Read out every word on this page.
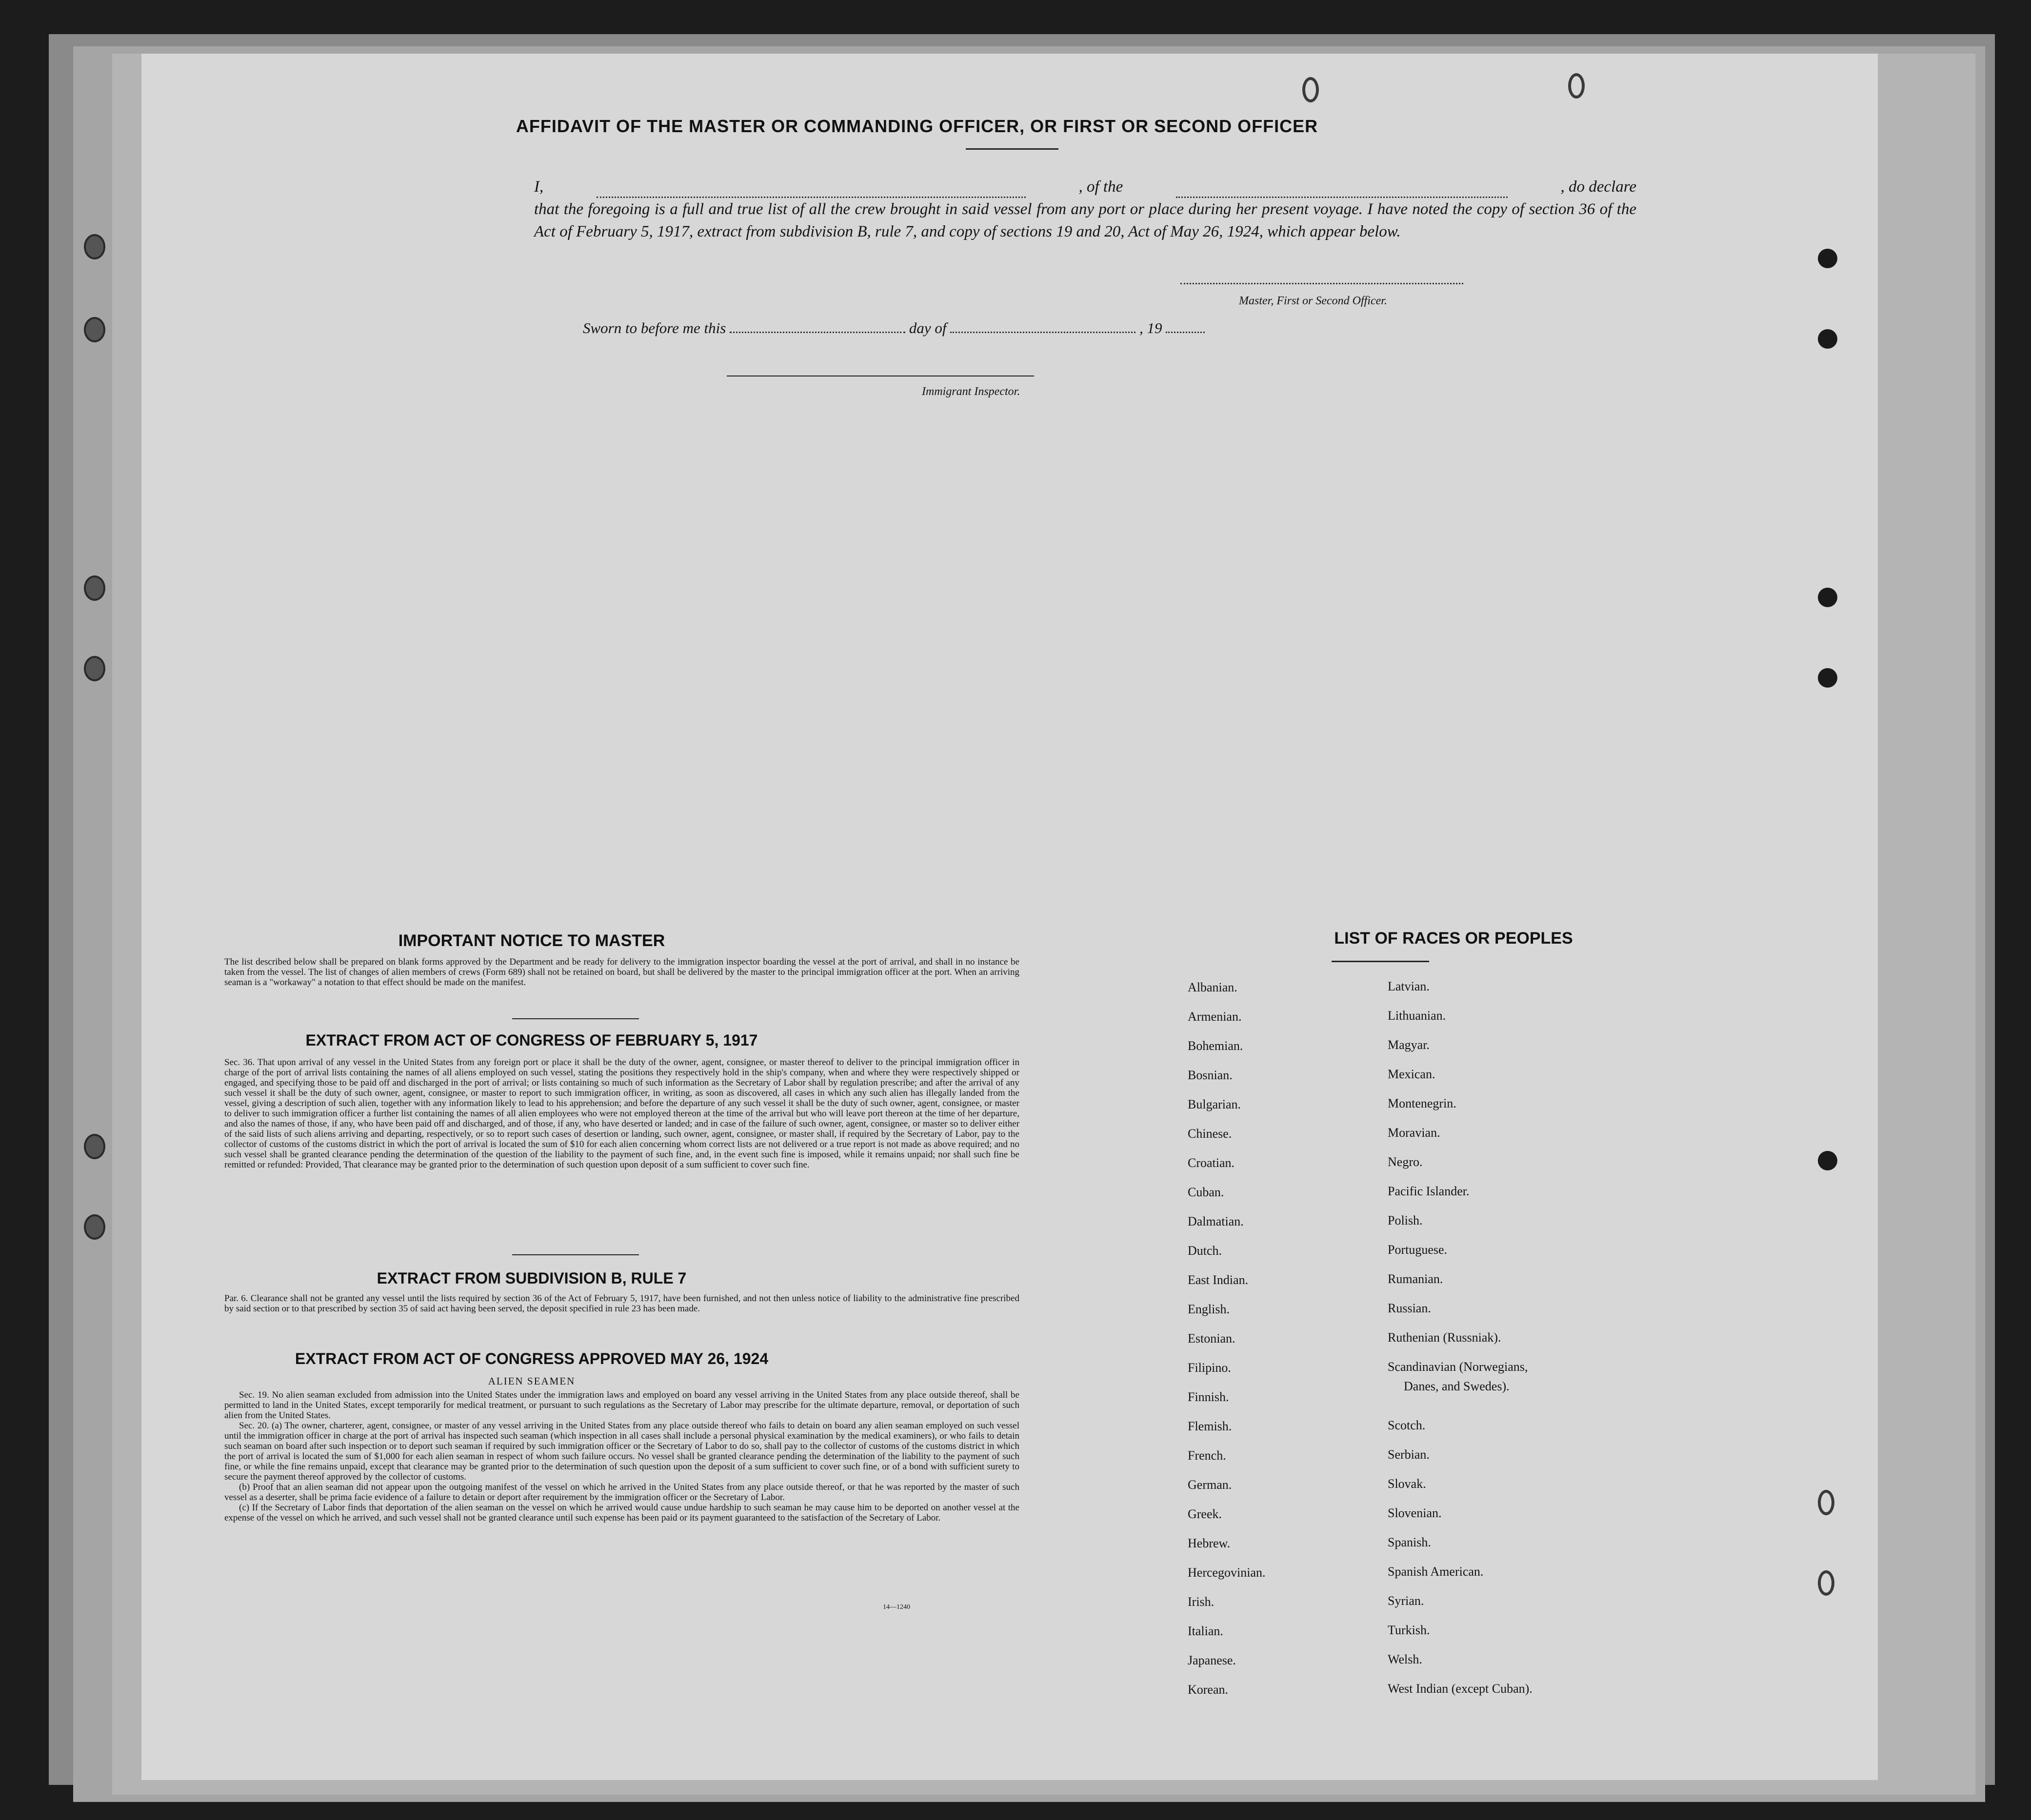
AFFIDAVIT OF THE MASTER OR COMMANDING OFFICER, OR FIRST OR SECOND OFFICER

I,	, of the	, do declare

that the foregoing is a full and true list of all the crew brought in said vessel from any port or place during her present voyage. I have noted the copy of section 36 of the Act of February 5, 1917, extract from subdivision B, rule 7, and copy of sections 19 and 20, Act of May 26, 1924, which appear below.

Master, First or Second Officer.
Sworn to before me this	day of	, 19
Immigrant Inspector.
IMPORTANT NOTICE TO MASTER
The list described below shall be prepared on blank forms approved by the Department and be ready for delivery to the immigration inspector boarding the vessel at the port of arrival, and shall in no instance be taken from the vessel. The list of changes of alien members of crews (Form 689) shall not be retained on board, but shall be delivered by the master to the principal immigration officer at the port. When an arriving seaman is a "workaway" a notation to that effect should be made on the manifest.
EXTRACT FROM ACT OF CONGRESS OF FEBRUARY 5, 1917
Sec. 36. That upon arrival of any vessel in the United States from any foreign port or place it shall be the duty of the owner, agent, consignee, or master thereof to deliver to the principal immigration officer in charge of the port of arrival lists containing the names of all aliens employed on such vessel, stating the positions they respectively hold in the ship's company, when and where they were respectively shipped or engaged, and specifying those to be paid off and discharged in the port of arrival; or lists containing so much of such information as the Secretary of Labor shall by regulation prescribe; and after the arrival of any such vessel it shall be the duty of such owner, agent, consignee, or master to report to such immigration officer, in writing, as soon as discovered, all cases in which any such alien has illegally landed from the vessel, giving a description of such alien, together with any information likely to lead to his apprehension; and before the departure of any such vessel it shall be the duty of such owner, agent, consignee, or master to deliver to such immigration officer a further list containing the names of all alien employees who were not employed thereon at the time of the arrival but who will leave port thereon at the time of her departure, and also the names of those, if any, who have been paid off and discharged, and of those, if any, who have deserted or landed; and in case of the failure of such owner, agent, consignee, or master so to deliver either of the said lists of such aliens arriving and departing, respectively, or so to report such cases of desertion or landing, such owner, agent, consignee, or master shall, if required by the Secretary of Labor, pay to the collector of customs of the customs district in which the port of arrival is located the sum of $10 for each alien concerning whom correct lists are not delivered or a true report is not made as above required; and no such vessel shall be granted clearance pending the determination of the question of the liability to the payment of such fine, and, in the event such fine is imposed, while it remains unpaid; nor shall such fine be remitted or refunded: Provided, That clearance may be granted prior to the determination of such question upon deposit of a sum sufficient to cover such fine.
EXTRACT FROM SUBDIVISION B, RULE 7
Par. 6. Clearance shall not be granted any vessel until the lists required by section 36 of the Act of February 5, 1917, have been furnished, and not then unless notice of liability to the administrative fine prescribed by said section or to that prescribed by section 35 of said act having been served, the deposit specified in rule 23 has been made.
EXTRACT FROM ACT OF CONGRESS APPROVED MAY 26, 1924
ALIEN SEAMEN

Sec. 19. No alien seaman excluded from admission into the United States under the immigration laws and employed on board any vessel arriving in the United States from any place outside thereof, shall be permitted to land in the United States, except temporarily for medical treatment, or pursuant to such regulations as the Secretary of Labor may prescribe for the ultimate departure, removal, or deportation of such alien from the United States.

Sec. 20. (a) The owner, charterer, agent, consignee, or master of any vessel arriving in the United States from any place outside thereof who fails to detain on board any alien seaman employed on such vessel until the immigration officer in charge at the port of arrival has inspected such seaman (which inspection in all cases shall include a personal physical examination by the medical examiners), or who fails to detain such seaman on board after such inspection or to deport such seaman if required by such immigration officer or the Secretary of Labor to do so, shall pay to the collector of customs of the customs district in which the port of arrival is located the sum of $1,000 for each alien seaman in respect of whom such failure occurs. No vessel shall be granted clearance pending the determination of the liability to the payment of such fine, or while the fine remains unpaid, except that clearance may be granted prior to the determination of such question upon the deposit of a sum sufficient to cover such fine, or of a bond with sufficient surety to secure the payment thereof approved by the collector of customs.

(b) Proof that an alien seaman did not appear upon the outgoing manifest of the vessel on which he arrived in the United States from any place outside thereof, or that he was reported by the master of such vessel as a deserter, shall be prima facie evidence of a failure to detain or deport after requirement by the immigration officer or the Secretary of Labor.

(c) If the Secretary of Labor finds that deportation of the alien seaman on the vessel on which he arrived would cause undue hardship to such seaman he may cause him to be deported on another vessel at the expense of the vessel on which he arrived, and such vessel shall not be granted clearance until such expense has been paid or its payment guaranteed to the satisfaction of the Secretary of Labor.

14—1240
LIST OF RACES OR PEOPLES
Albanian.
Armenian.
Bohemian.
Bosnian.
Bulgarian.
Chinese.
Croatian.
Cuban.
Dalmatian.
Dutch.
East Indian.
English.
Estonian.
Filipino.
Finnish.
Flemish.
French.
German.
Greek.
Hebrew.
Hercegovinian.
Irish.
Italian.
Japanese.
Korean.
Latvian.
Lithuanian.
Magyar.
Mexican.
Montenegrin.
Moravian.
Negro.
Pacific Islander.
Polish.
Portuguese.
Rumanian.
Russian.
Ruthenian (Russniak).
Scandinavian (Norwegians,
Danes, and Swedes).
Scotch.
Serbian.
Slovak.
Slovenian.
Spanish.
Spanish American.
Syrian.
Turkish.
Welsh.
West Indian (except Cuban).
